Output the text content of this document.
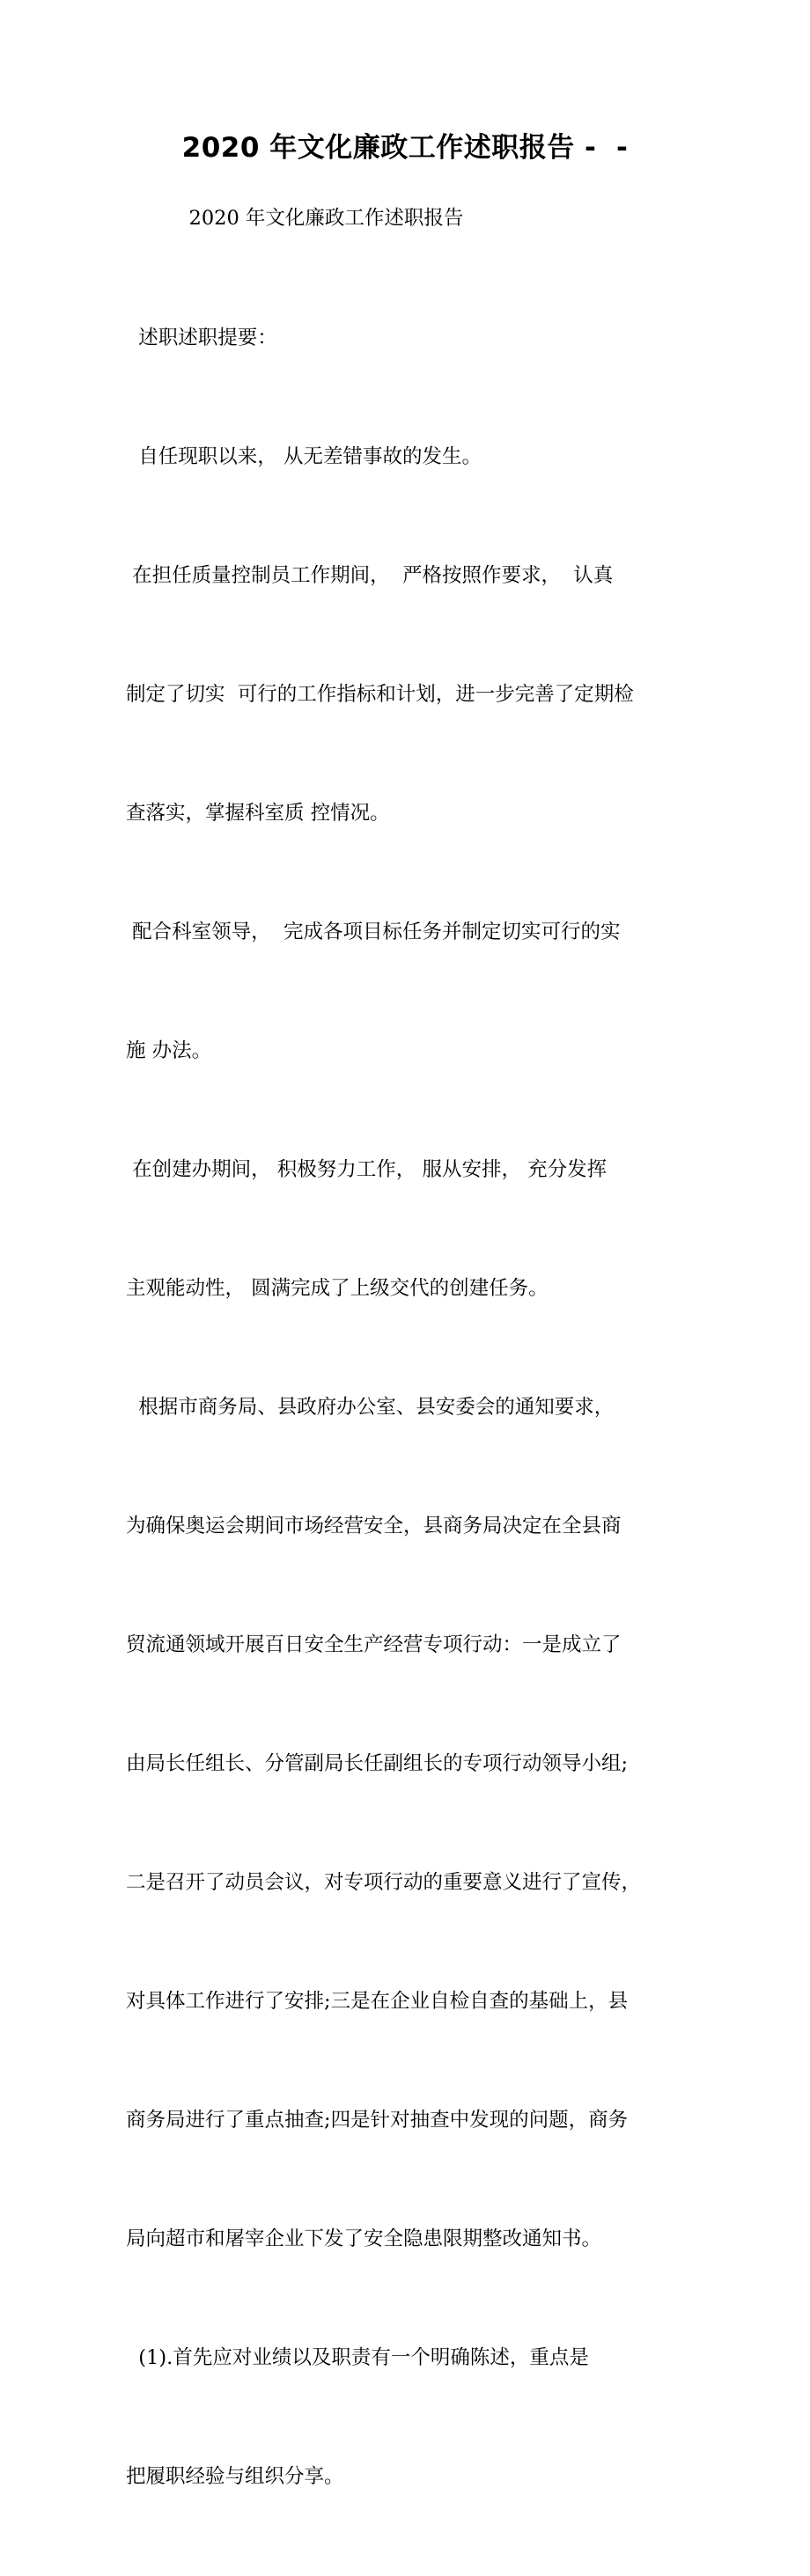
2020 年文化廉政工作述职报告 -  -
2020 年文化廉政工作述职报告

述职述职提要：

自任现职以来， 从无差错事故的发生。

在担任质量控制员工作期间，  严格按照作要求，  认真

制定了切实  可行的工作指标和计划，进一步完善了定期检

查落实，掌握科室质 控情况。

配合科室领导，  完成各项目标任务并制定切实可行的实

施 办法。

在创建办期间， 积极努力工作， 服从安排， 充分发挥

主观能动性， 圆满完成了上级交代的创建任务。

根据市商务局、县政府办公室、县安委会的通知要求，

为确保奥运会期间市场经营安全，县商务局决定在全县商

贸流通领域开展百日安全生产经营专项行动：一是成立了

由局长任组长、分管副局长任副组长的专项行动领导小组;

二是召开了动员会议，对专项行动的重要意义进行了宣传，

对具体工作进行了安排;三是在企业自检自查的基础上，县

商务局进行了重点抽查;四是针对抽查中发现的问题，商务

局向超市和屠宰企业下发了安全隐患限期整改通知书。

(1).首先应对业绩以及职责有一个明确陈述，重点是

把履职经验与组织分享。
